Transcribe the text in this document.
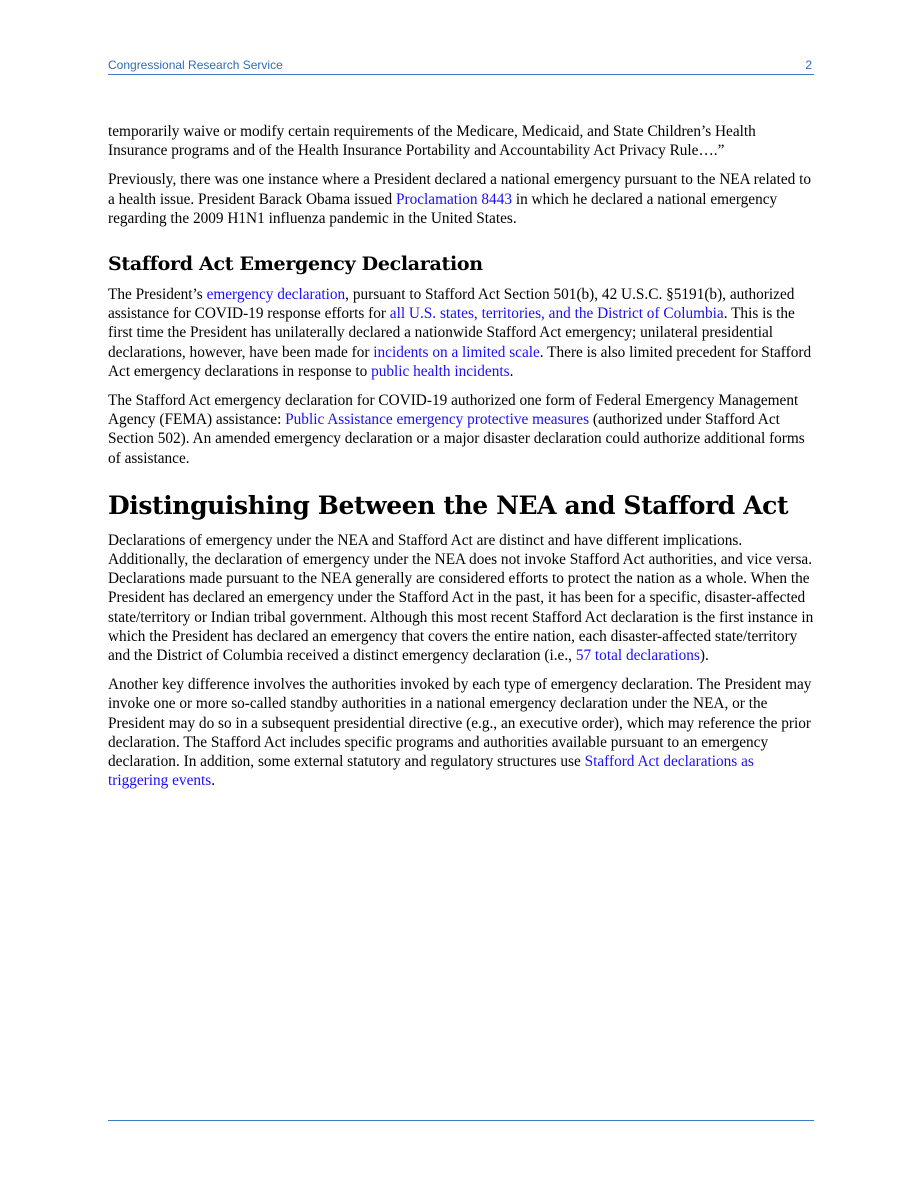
Congressional Research Service	2

temporarily waive or modify certain requirements of the Medicare, Medicaid, and State Children’s Health Insurance programs and of the Health Insurance Portability and Accountability Act Privacy Rule….”

Previously, there was one instance where a President declared a national emergency pursuant to the NEA related to a health issue. President Barack Obama issued Proclamation 8443 in which he declared a national emergency regarding the 2009 H1N1 influenza pandemic in the United States.

Stafford Act Emergency Declaration

The President’s emergency declaration, pursuant to Stafford Act Section 501(b), 42 U.S.C. §5191(b), authorized assistance for COVID-19 response efforts for all U.S. states, territories, and the District of Columbia. This is the first time the President has unilaterally declared a nationwide Stafford Act emergency; unilateral presidential declarations, however, have been made for incidents on a limited scale. There is also limited precedent for Stafford Act emergency declarations in response to public health incidents.

The Stafford Act emergency declaration for COVID-19 authorized one form of Federal Emergency Management Agency (FEMA) assistance: Public Assistance emergency protective measures (authorized under Stafford Act Section 502). An amended emergency declaration or a major disaster declaration could authorize additional forms of assistance.

Distinguishing Between the NEA and Stafford Act

Declarations of emergency under the NEA and Stafford Act are distinct and have different implications. Additionally, the declaration of emergency under the NEA does not invoke Stafford Act authorities, and vice versa. Declarations made pursuant to the NEA generally are considered efforts to protect the nation as a whole. When the President has declared an emergency under the Stafford Act in the past, it has been for a specific, disaster-affected state/territory or Indian tribal government. Although this most recent Stafford Act declaration is the first instance in which the President has declared an emergency that covers the entire nation, each disaster-affected state/territory and the District of Columbia received a distinct emergency declaration (i.e., 57 total declarations).

Another key difference involves the authorities invoked by each type of emergency declaration. The President may invoke one or more so-called standby authorities in a national emergency declaration under the NEA, or the President may do so in a subsequent presidential directive (e.g., an executive order), which may reference the prior declaration. The Stafford Act includes specific programs and authorities available pursuant to an emergency declaration. In addition, some external statutory and regulatory structures use Stafford Act declarations as triggering events.
